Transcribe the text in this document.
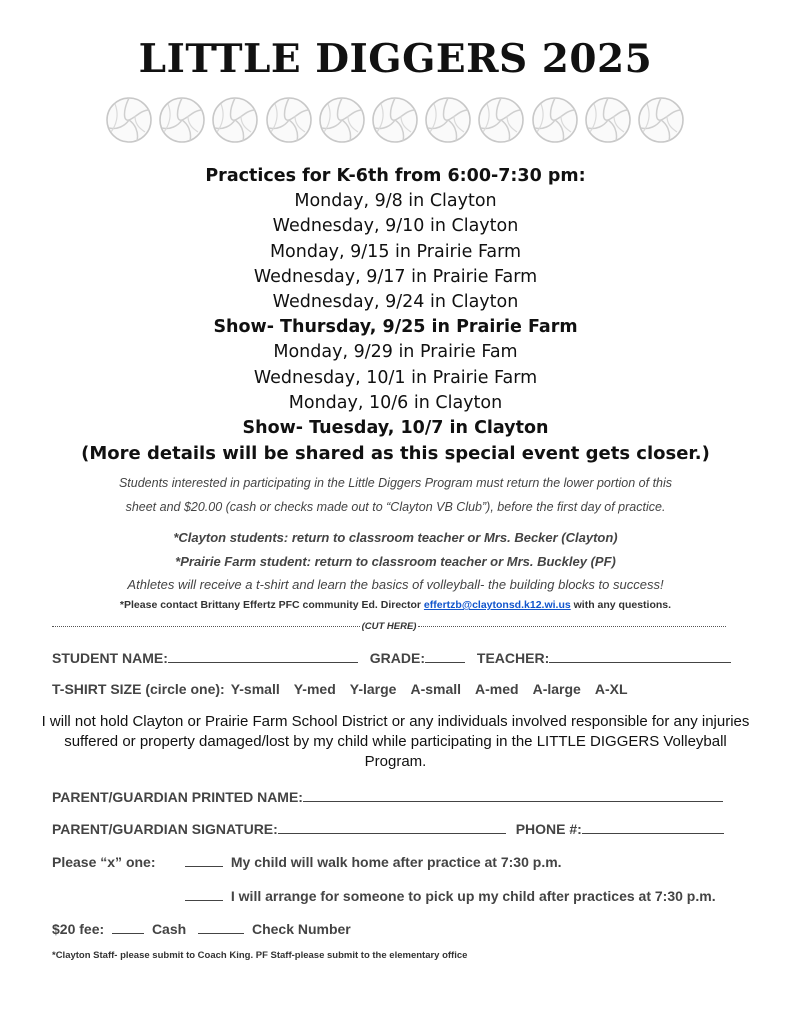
LITTLE DIGGERS 2025
Practices for K-6th from 6:00-7:30 pm:
Monday, 9/8 in Clayton
Wednesday, 9/10 in Clayton
Monday, 9/15 in Prairie Farm
Wednesday, 9/17 in Prairie Farm
Wednesday, 9/24 in Clayton
Show- Thursday, 9/25 in Prairie Farm
Monday, 9/29 in Prairie Fam
Wednesday, 10/1 in Prairie Farm
Monday, 10/6 in Clayton
Show- Tuesday, 10/7 in Clayton
(More details will be shared as this special event gets closer.)
Students interested in participating in the Little Diggers Program must return the lower portion of this
sheet and $20.00 (cash or checks made out to “Clayton VB Club”), before the first day of practice.
*Clayton students: return to classroom teacher or Mrs. Becker (Clayton)
*Prairie Farm student: return to classroom teacher or Mrs. Buckley (PF)
Athletes will receive a t-shirt and learn the basics of volleyball- the building blocks to success!
*Please contact Brittany Effertz PFC community Ed. Director effertzb@claytonsd.k12.wi.us with any questions.
(CUT HERE)
STUDENT NAME:	GRADE:	TEACHER:
T-SHIRT SIZE (circle one): Y-small Y-med Y-large A-small A-med A-large A-XL
I will not hold Clayton or Prairie Farm School District or any individuals involved responsible for any injuries suffered or property damaged/lost by my child while participating in the LITTLE DIGGERS Volleyball Program.
PARENT/GUARDIAN PRINTED NAME:
PARENT/GUARDIAN SIGNATURE:	PHONE #:
Please “x” one:	My child will walk home after practice at 7:30 p.m.
I will arrange for someone to pick up my child after practices at 7:30 p.m.
$20 fee:	Cash	Check Number
*Clayton Staff- please submit to Coach King. PF Staff-please submit to the elementary office
